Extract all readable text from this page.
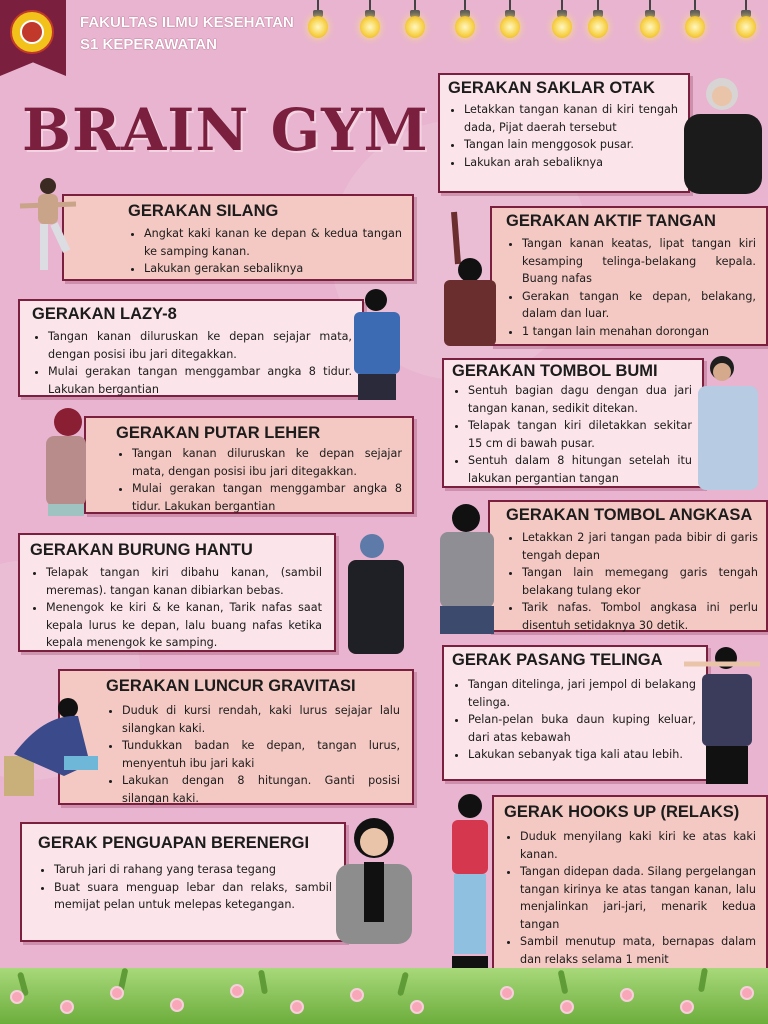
FAKULTAS ILMU KESEHATAN
S1 KEPERAWATAN
BRAIN GYM
GERAKAN SILANG
• Angkat kaki kanan ke depan & kedua tangan ke samping kanan.
• Lakukan gerakan sebaliknya
GERAKAN LAZY-8
• Tangan kanan diluruskan ke depan sejajar mata, dengan posisi ibu jari ditegakkan.
• Mulai gerakan tangan menggambar angka 8 tidur. Lakukan bergantian
GERAKAN PUTAR LEHER
• Tangan kanan diluruskan ke depan sejajar mata, dengan posisi ibu jari ditegakkan.
• Mulai gerakan tangan menggambar angka 8 tidur. Lakukan bergantian
GERAKAN BURUNG HANTU
• Telapak tangan kiri dibahu kanan, (sambil meremas). tangan kanan dibiarkan bebas.
• Menengok ke kiri & ke kanan, Tarik nafas saat kepala lurus ke depan, lalu buang nafas ketika kepala menengok ke samping.
GERAKAN LUNCUR GRAVITASI
• Duduk di kursi rendah, kaki lurus sejajar lalu silangkan kaki.
• Tundukkan badan ke depan, tangan lurus, menyentuh ibu jari kaki
• Lakukan dengan 8 hitungan. Ganti posisi silangan kaki.
GERAK PENGUAPAN BERENERGI
• Taruh jari di rahang yang terasa tegang
• Buat suara menguap lebar dan relaks, sambil memijat pelan untuk melepas ketegangan.
GERAKAN SAKLAR OTAK
• Letakkan tangan kanan di kiri tengah dada, Pijat daerah tersebut
• Tangan lain menggosok pusar.
• Lakukan arah sebaliknya
GERAKAN AKTIF TANGAN
• Tangan kanan keatas, lipat tangan kiri kesamping telinga-belakang kepala. Buang nafas
• Gerakan tangan ke depan, belakang, dalam dan luar.
• 1 tangan lain menahan dorongan
GERAKAN TOMBOL BUMI
• Sentuh bagian dagu dengan dua jari tangan kanan, sedikit ditekan.
• Telapak tangan kiri diletakkan sekitar 15 cm di bawah pusar.
• Sentuh dalam 8 hitungan setelah itu lakukan pergantian tangan
GERAKAN TOMBOL ANGKASA
• Letakkan 2 jari tangan pada bibir di garis tengah depan
• Tangan lain memegang garis tengah belakang tulang ekor
• Tarik nafas. Tombol angkasa ini perlu disentuh setidaknya 30 detik.
GERAK PASANG TELINGA
• Tangan ditelinga, jari jempol di belakang telinga.
• Pelan-pelan buka daun kuping keluar, dari atas kebawah
• Lakukan sebanyak tiga kali atau lebih.
GERAK HOOKS UP (RELAKS)
• Duduk menyilang kaki kiri ke atas kaki kanan.
• Tangan didepan dada. Silang pergelangan tangan kirinya ke atas tangan kanan, lalu menjalinkan jari-jari, menarik kedua tangan
• Sambil menutup mata, bernapas dalam dan relaks selama 1 menit
